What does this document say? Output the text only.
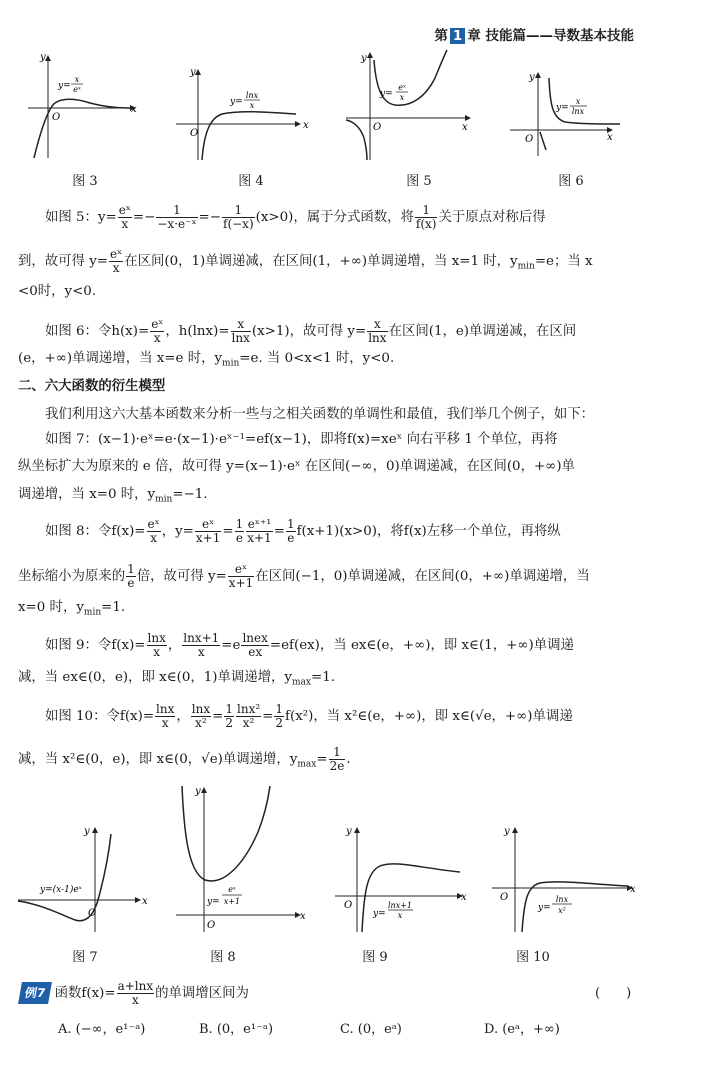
第 1 章 技能篇——导数基本技能
y
x
O
y=
x
eˣ
y
x
O
y=
lnx
x
y
x
O
y=
eˣ
x
y
x
O
y=
x
lnx
图 3	图 4	图 5	图 6
如图 5：$y= \frac{\text{eˣ}}{x} =- \frac{1}{\text{−x·e⁻ˣ}} =- \frac{1}{f(-x)} (x>0)$，属于分式函数，将 $\frac{1}{f(x)}$ 关于原点对称后得
到，故可得 $y= \frac{\text{eˣ}}{x}$ 在区间(0，1)单调递减，在区间(1，+∞)单调递增，当 x=1 时，$y_{min}=e$；当 x
<0时，y<0.
如图 6：令$h(x)= \frac{\text{eˣ}}{x}$ ，$h(\ln x)= \frac{x}{\ln x} (x>1)$，故可得 $y= \frac{x}{\ln x}$ 在区间(1，e)单调递减，在区间
(e，+∞)单调递增，当 x=e 时，$y_{min}=e$. 当 0<x<1 时，y<0.
二、六大函数的衍生模型
我们利用这六大基本函数来分析一些与之相关函数的单调性和最值，我们举几个例子，如下：
如图 7：(x−1)·eˣ=e·(x−1)·eˣ⁻¹=ef(x−1)，即将f(x)=xeˣ 向右平移 1 个单位，再将
纵坐标扩大为原来的 e 倍，故可得 y=(x−1)·eˣ 在区间(−∞，0)单调递减，在区间(0，+∞)单
调递增，当 x=0 时，$y_{min}=-1$.
如图 8：令$f(x)= \frac{\text{eˣ}}{x}$ ，$y= \frac{\text{eˣ}}{x+1} = \frac{1}{e} \frac{\text{eˣ⁺¹}}{x+1} = \frac{1}{e} f(x+1)(x>0)$，将f(x)左移一个单位，再将纵
坐标缩小为原来的 $\frac{1}{e}$ 倍，故可得 $y= \frac{\text{eˣ}}{x+1}$ 在区间(−1，0)单调递减，在区间(0，+∞)单调递增，当
x=0 时，$y_{min}=1$.
如图 9：令$f(x)= \frac{\ln x}{x}$ ， $\frac{\ln x+1}{x} =e \frac{\text{lnex}}{ex} =ef(ex)$，当 ex∈(e，+∞)，即 x∈(1，+∞)单调递
减，当 ex∈(0，e)，即 x∈(0，1)单调递增，$y_{max}=1$.
如图 10：令$f(x)= \frac{\ln x}{x}$ ， $\frac{\ln x}{\text{x²}} = \frac{1}{2} \frac{\text{lnx²}}{\text{x²}} = \frac{1}{2} f(x^2)$，当 x²∈(e，+∞)，即 x∈(√e，+∞)单调递
减，当 x²∈(0，e)，即 x∈(0，√e)单调递增，$y_{max}= \frac{1}{2e}$ .
y
x
O
y=(x-1)eˣ
y
x
O
y=
eˣ
x+1
y
x
O
y=
lnx+1
x
y
x
O
y=
lnx
x²
图 7	图 8	图 9	图 10
例7 函数$f(x)= \frac{a+\ln x}{x}$ 的单调增区间为	(　　)
A. (−∞，e¹⁻ᵃ)	B. (0，e¹⁻ᵃ)	C. (0，eᵃ)	D. (eᵃ，+∞)
